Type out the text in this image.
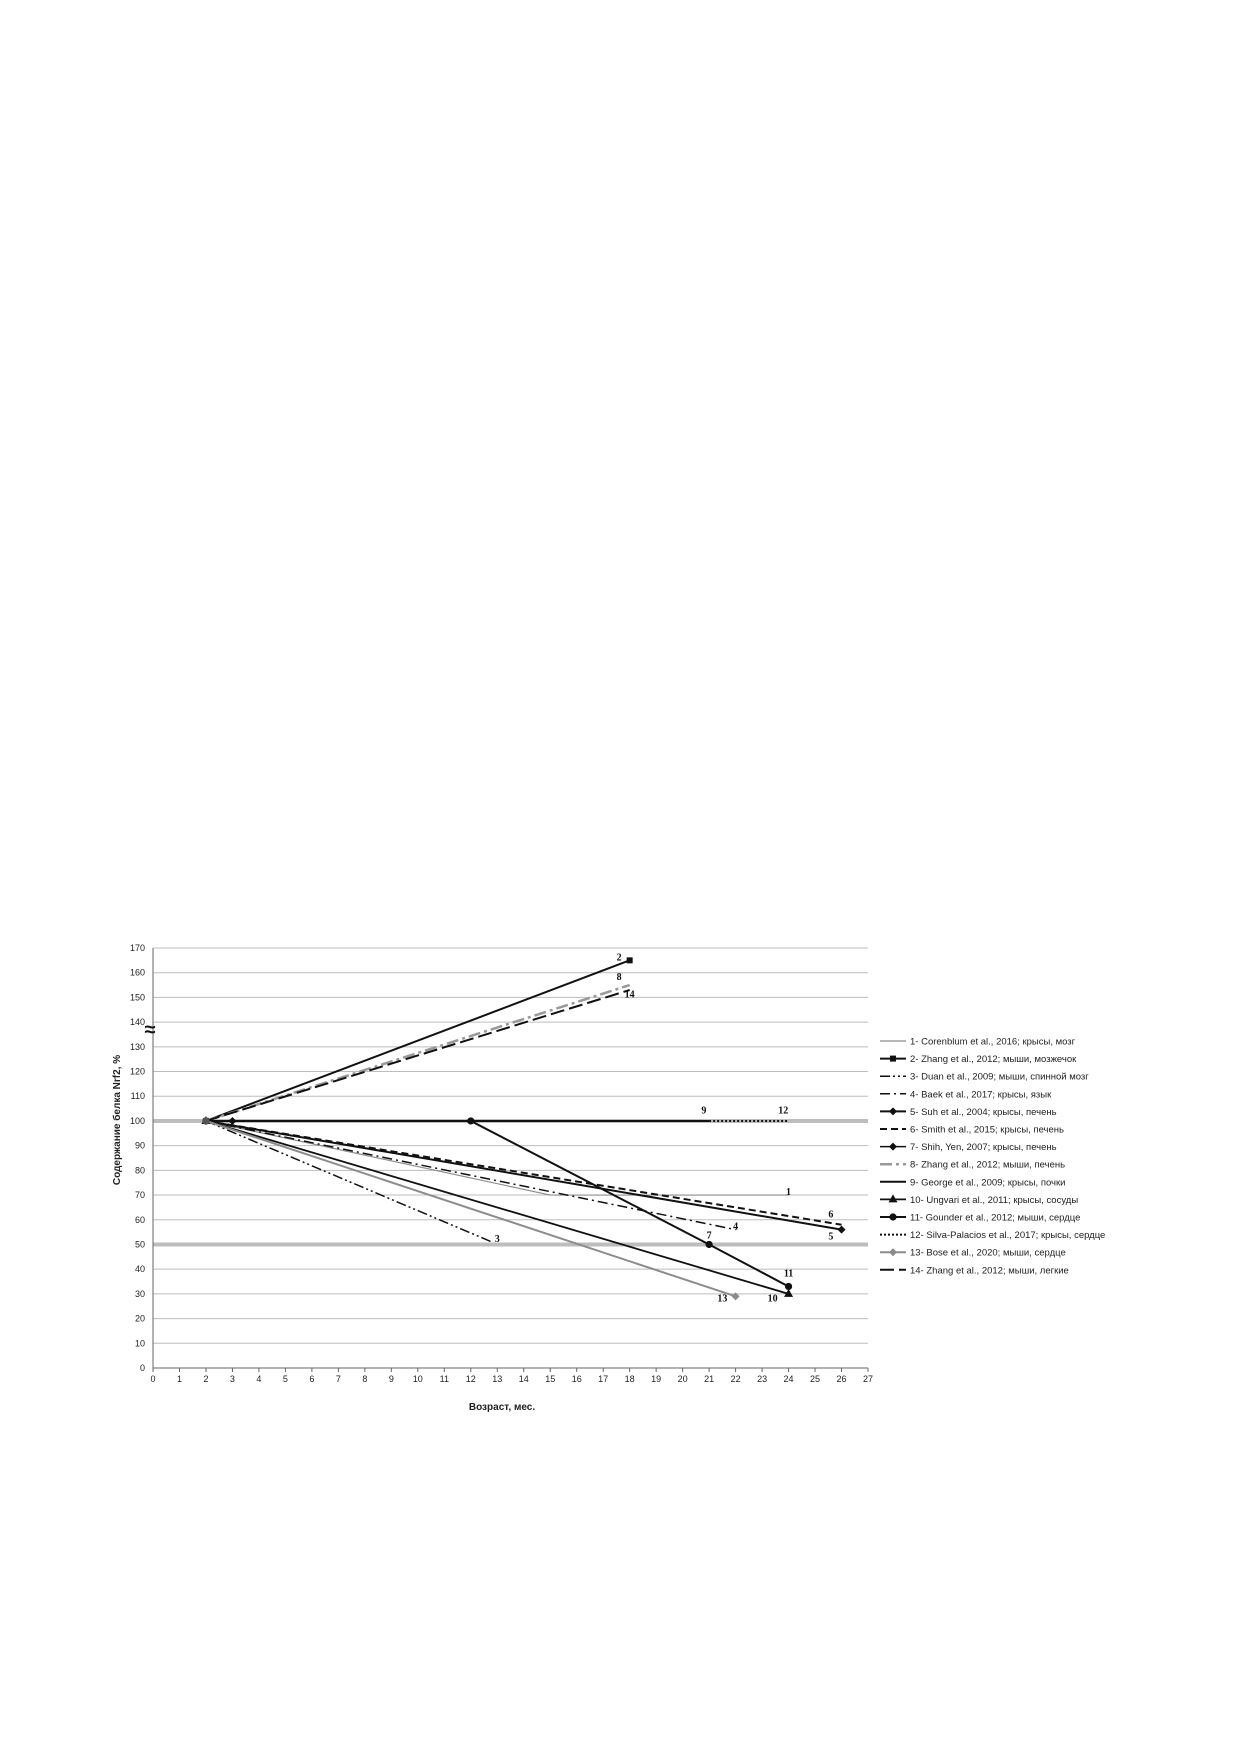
0
10
20
30
40
50
60
70
80
90
100
110
120
130
140
150
160
170
0 1 2 3 4 5 6 7 8 9 10 11 12 13 14 15 16 17 18 19 20 21 22 23 24 25 26 27
1
2
3
4
5
6
8
9
10
11
7
12
13
14
1- Corenblum et al., 2016; крысы, мозг
2- Zhang et al., 2012; мыши, мозжечок
3- Duan et al., 2009; мыши, спинной мозг
4- Baek et al., 2017; крысы, язык
5- Suh et al., 2004; крысы, печень
6- Smith et al., 2015; крысы, печень
7- Shih, Yen, 2007; крысы, печень
8- Zhang et al., 2012; мыши, печень
9- George et al., 2009; крысы, почки
10- Ungvari et al., 2011; крысы, сосуды
11- Gounder et al., 2012; мыши, сердце
12- Silva-Palacios et al., 2017; крысы, сердце
13- Bose et al., 2020; мыши, сердце
14- Zhang et al., 2012; мыши, легкие
Возраст, мес.
Содержание белка Nrf2, %
≈
